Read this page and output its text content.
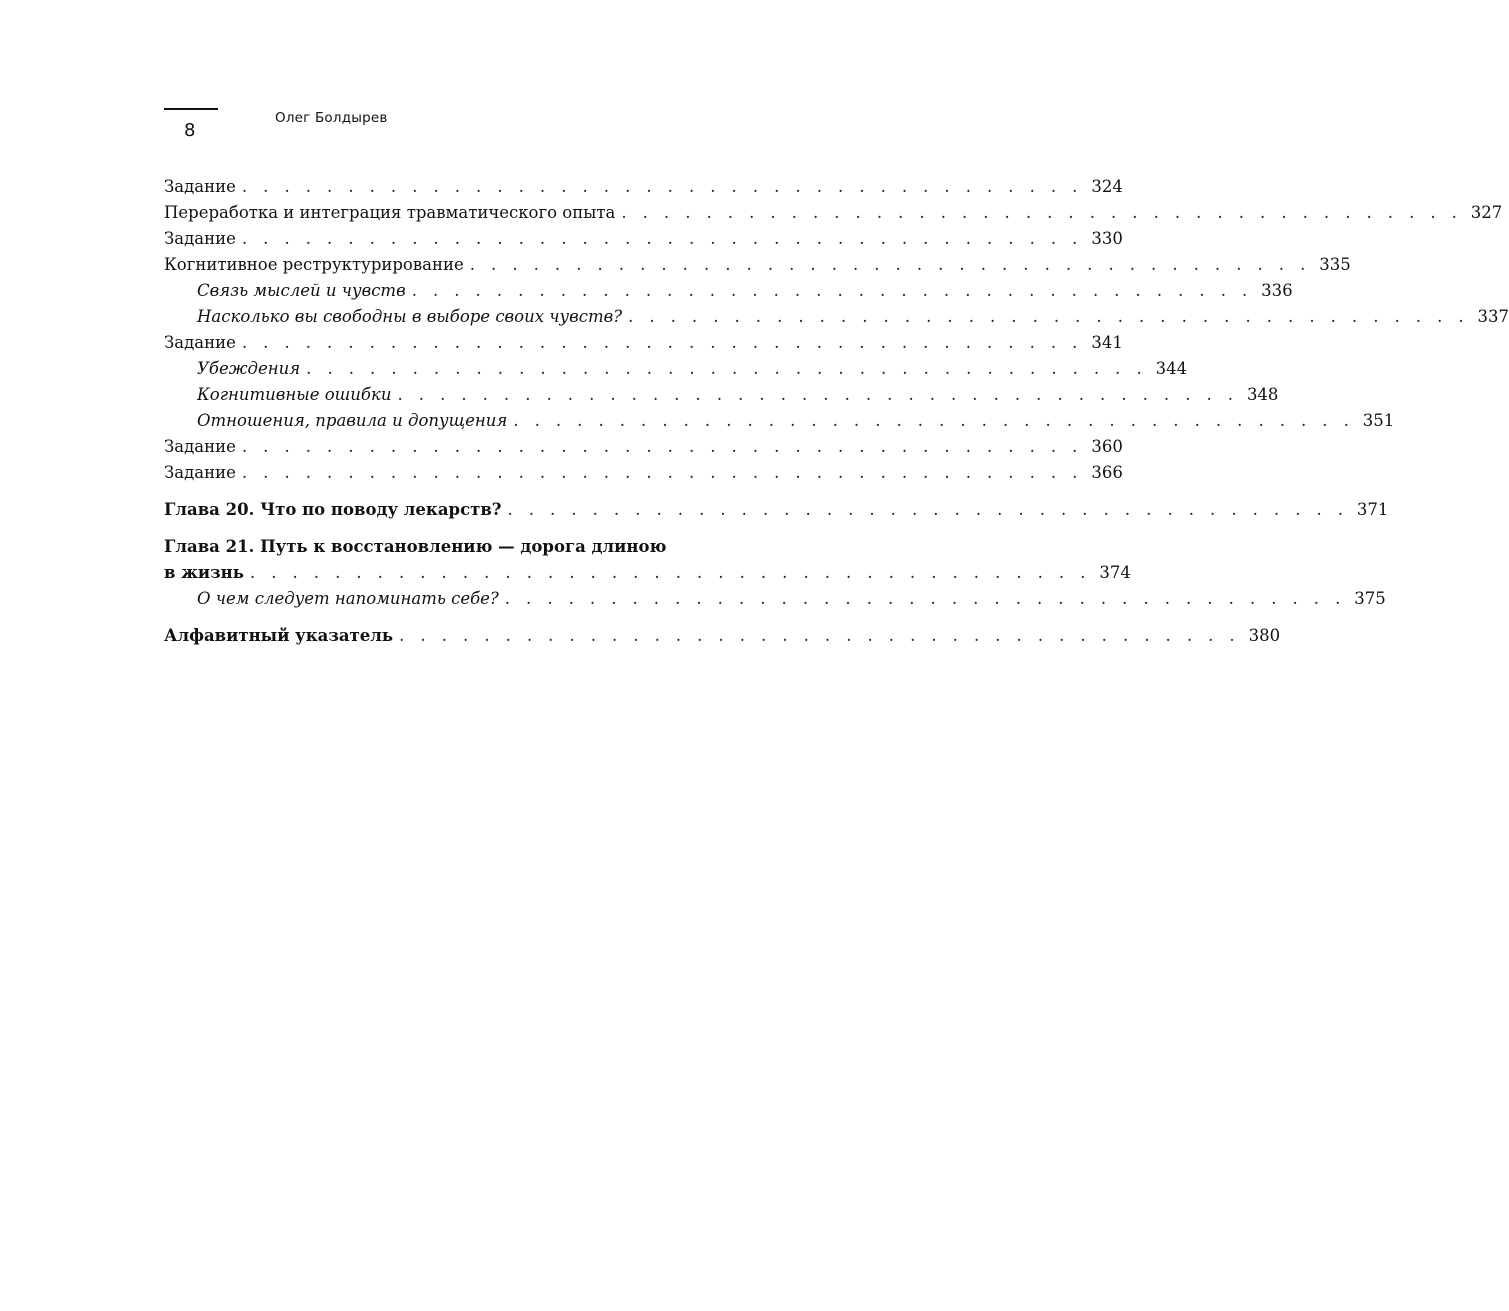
8
Олег Болдырев
Задание . . . . . . . . . . . . . . . . . . . . . . . . . . . . . . . . . . . . . . . . 324
Переработка и интеграция травматического опыта . . . . . . . . . . . . . . . . . . . . . . . . . . . . . . . . . . . . . . . . 327
Задание . . . . . . . . . . . . . . . . . . . . . . . . . . . . . . . . . . . . . . . . 330
Когнитивное реструктурирование . . . . . . . . . . . . . . . . . . . . . . . . . . . . . . . . . . . . . . . . 335
Связь мыслей и чувств . . . . . . . . . . . . . . . . . . . . . . . . . . . . . . . . . . . . . . . . 336
Насколько вы свободны в выборе своих чувств? . . . . . . . . . . . . . . . . . . . . . . . . . . . . . . . . . . . . . . . . 337
Задание . . . . . . . . . . . . . . . . . . . . . . . . . . . . . . . . . . . . . . . . 341
Убеждения . . . . . . . . . . . . . . . . . . . . . . . . . . . . . . . . . . . . . . . . 344
Когнитивные ошибки . . . . . . . . . . . . . . . . . . . . . . . . . . . . . . . . . . . . . . . . 348
Отношения, правила и допущения . . . . . . . . . . . . . . . . . . . . . . . . . . . . . . . . . . . . . . . . 351
Задание . . . . . . . . . . . . . . . . . . . . . . . . . . . . . . . . . . . . . . . . 360
Задание . . . . . . . . . . . . . . . . . . . . . . . . . . . . . . . . . . . . . . . . 366
Глава 20. Что по поводу лекарств? . . . . . . . . . . . . . . . . . . . . . . . . . . . . . . . . . . . . . . . . 371
Глава 21. Путь к восстановлению — дорога длиною
в жизнь . . . . . . . . . . . . . . . . . . . . . . . . . . . . . . . . . . . . . . . . 374
О чем следует напоминать себе? . . . . . . . . . . . . . . . . . . . . . . . . . . . . . . . . . . . . . . . . 375
Алфавитный указатель . . . . . . . . . . . . . . . . . . . . . . . . . . . . . . . . . . . . . . . . 380
